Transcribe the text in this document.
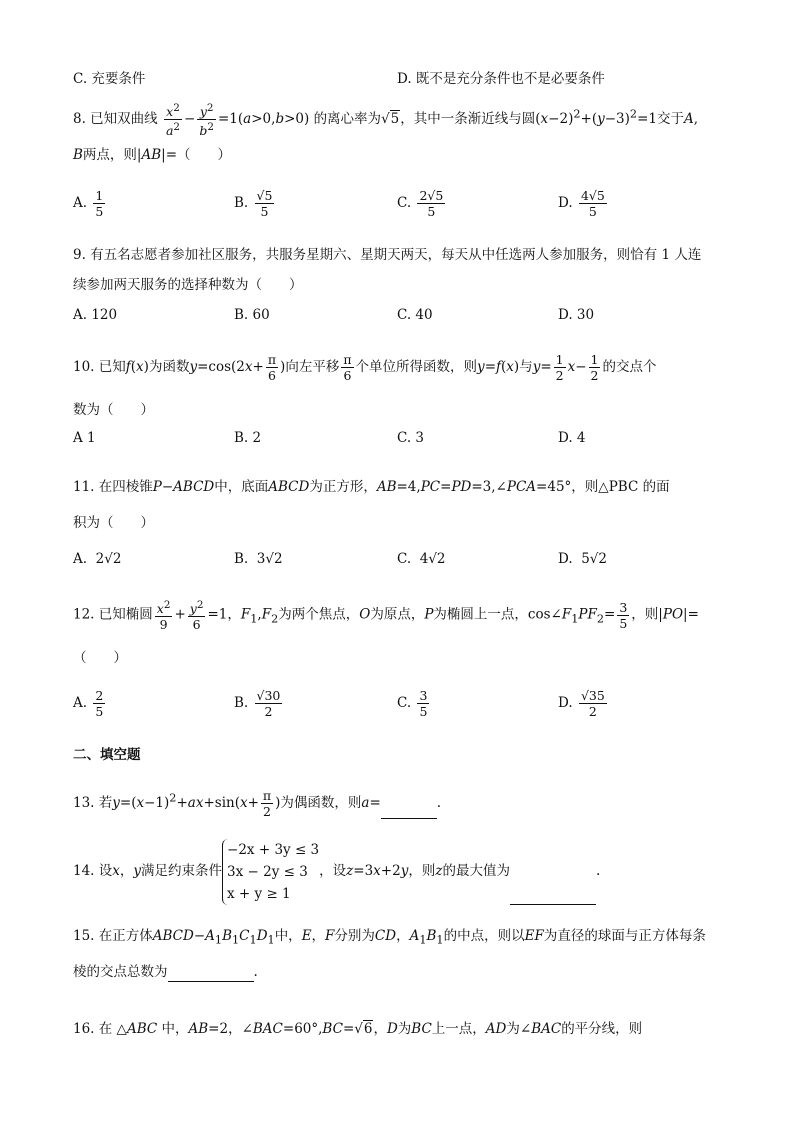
C. 充要条件	D. 既不是充分条件也不是必要条件
8. 已知双曲线 $\frac{x^2}{a^2} - \frac{y^2}{b^2} =1(a>0,b>0)$ 的离心率为√5，其中一条渐近线与圆$(x-2)^2+(y-3)^2=1$交于A,
B两点，则|AB|=（　　）
A. $\frac{1}{5}$	B. $\frac{√5}{5}$	C. $\frac{2√5}{5}$	D. $\frac{4√5}{5}$
9. 有五名志愿者参加社区服务，共服务星期六、星期天两天，每天从中任选两人参加服务，则恰有 1 人连
续参加两天服务的选择种数为（　　）
A. 120	B. 60	C. 40	D. 30
10. 已知f(x)为函数$y=\cos(2x+ \frac{\pi}{6}$ )向左平移 $\frac{\pi}{6}$ 个单位所得函数，则y=f(x)与$y= \frac{1}{2} x- \frac{1}{2}$ 的交点个
数为（　　）
A 1	B. 2	C. 3	D. 4
11. 在四棱锥P−ABCD中，底面ABCD为正方形，AB=4,PC=PD=3,∠PCA=45°，则△PBC 的面
积为（　　）
A.  2√2	B.  3√2	C.  4√2	D.  5√2
12. 已知椭圆 $\frac{x^2}{9} + \frac{y^2}{6} =1$，$F_1,F_2$为两个焦点，O为原点，P为椭圆上一点，$\cos\angle F_1PF_2= \frac{3}{5}$ ，则|PO|=
（　　）
A. $\frac{2}{5}$	B. $\frac{√30}{2}$	C. $\frac{3}{5}$	D. $\frac{√35}{2}$
二、填空题
13. 若$y=(x-1)^2+ax+\sin(x+ \frac{\pi}{2}$ )为偶函数，则a=	.
14. 设x，y满足约束条件
−2x + 3y ≤ 3
3x − 2y ≤ 3
x + y ≥ 1
，设z=3x+2y，则z的最大值为	.
15. 在正方体$ABCD-A_1B_1C_1D_1$中，E，F分别为CD，$A_1B_1$的中点，则以EF为直径的球面与正方体每条
棱的交点总数为	.
16. 在 △ABC 中，AB=2，∠BAC=60°,BC=√6，D为BC上一点，AD为∠BAC的平分线，则
